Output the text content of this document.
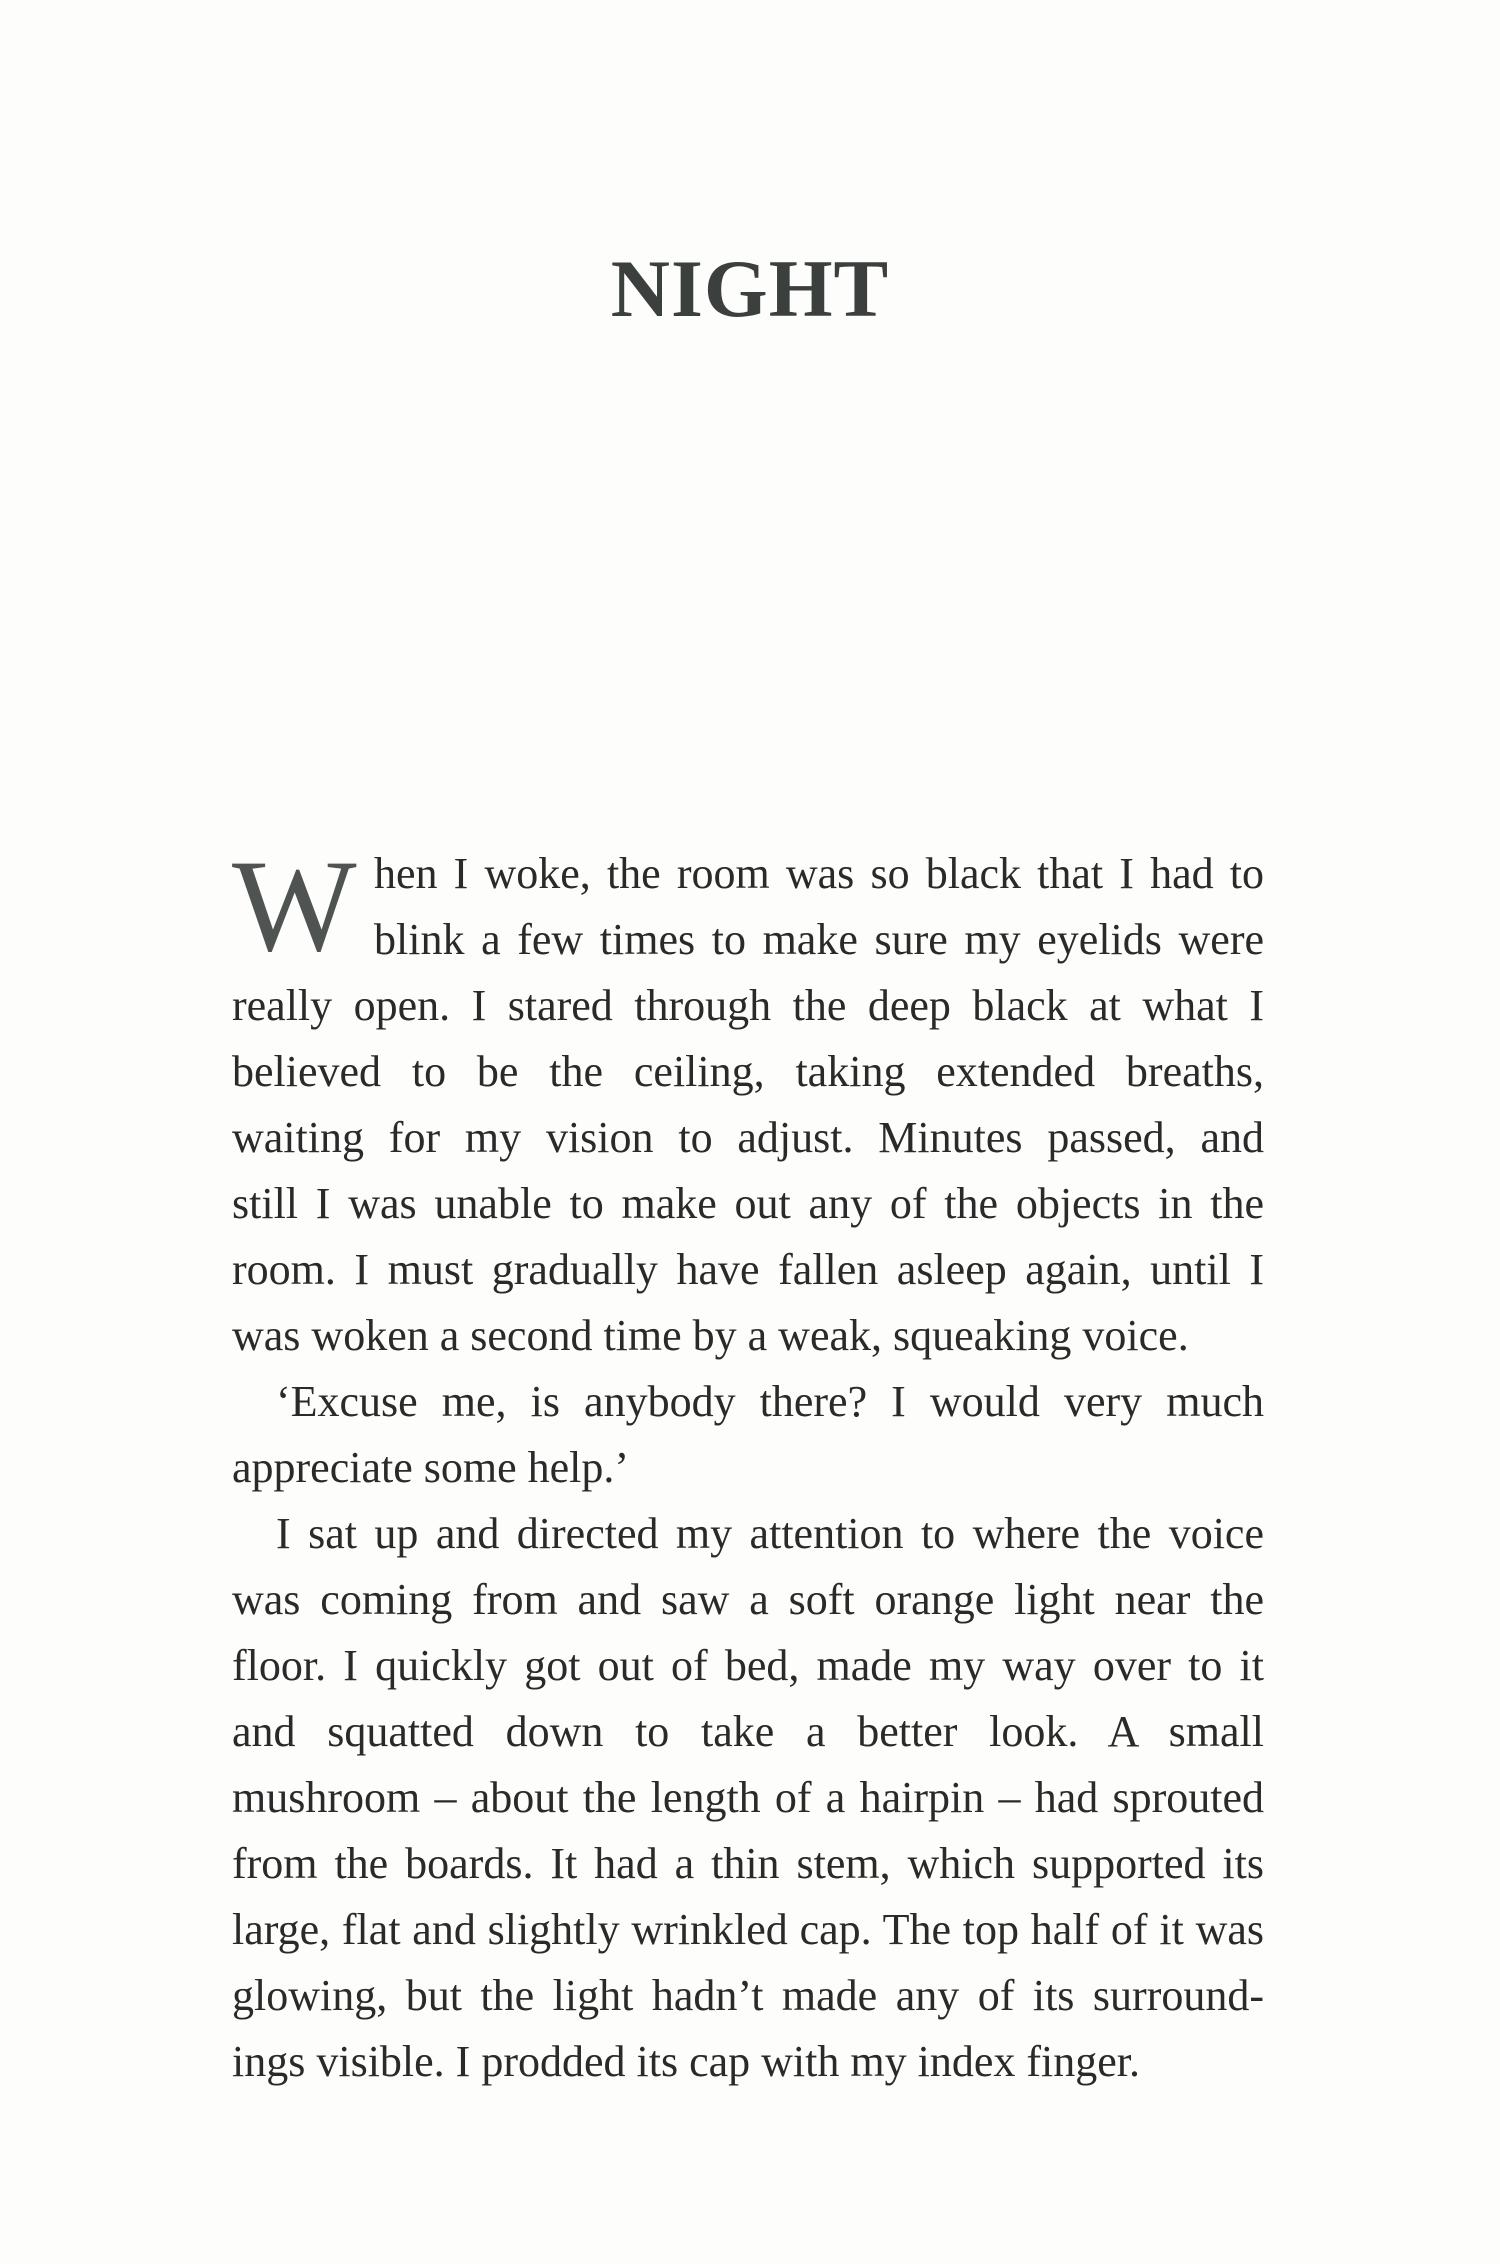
NIGHT
W hen I woke, the room was so black that I had to
blink a few times to make sure my eyelids were
really open. I stared through the deep black at what I
believed to be the ceiling, taking extended breaths,
waiting for my vision to adjust. Minutes passed, and
still I was unable to make out any of the objects in the
room. I must gradually have fallen asleep again, until I
was woken a second time by a weak, squeaking voice.
‘Excuse me, is anybody there? I would very much
appreciate some help.’
I sat up and directed my attention to where the voice
was coming from and saw a soft orange light near the
floor. I quickly got out of bed, made my way over to it
and squatted down to take a better look. A small
mushroom – about the length of a hairpin – had sprouted
from the boards. It had a thin stem, which supported its
large, flat and slightly wrinkled cap. The top half of it was
glowing, but the light hadn’t made any of its surround-
ings visible. I prodded its cap with my index finger.
